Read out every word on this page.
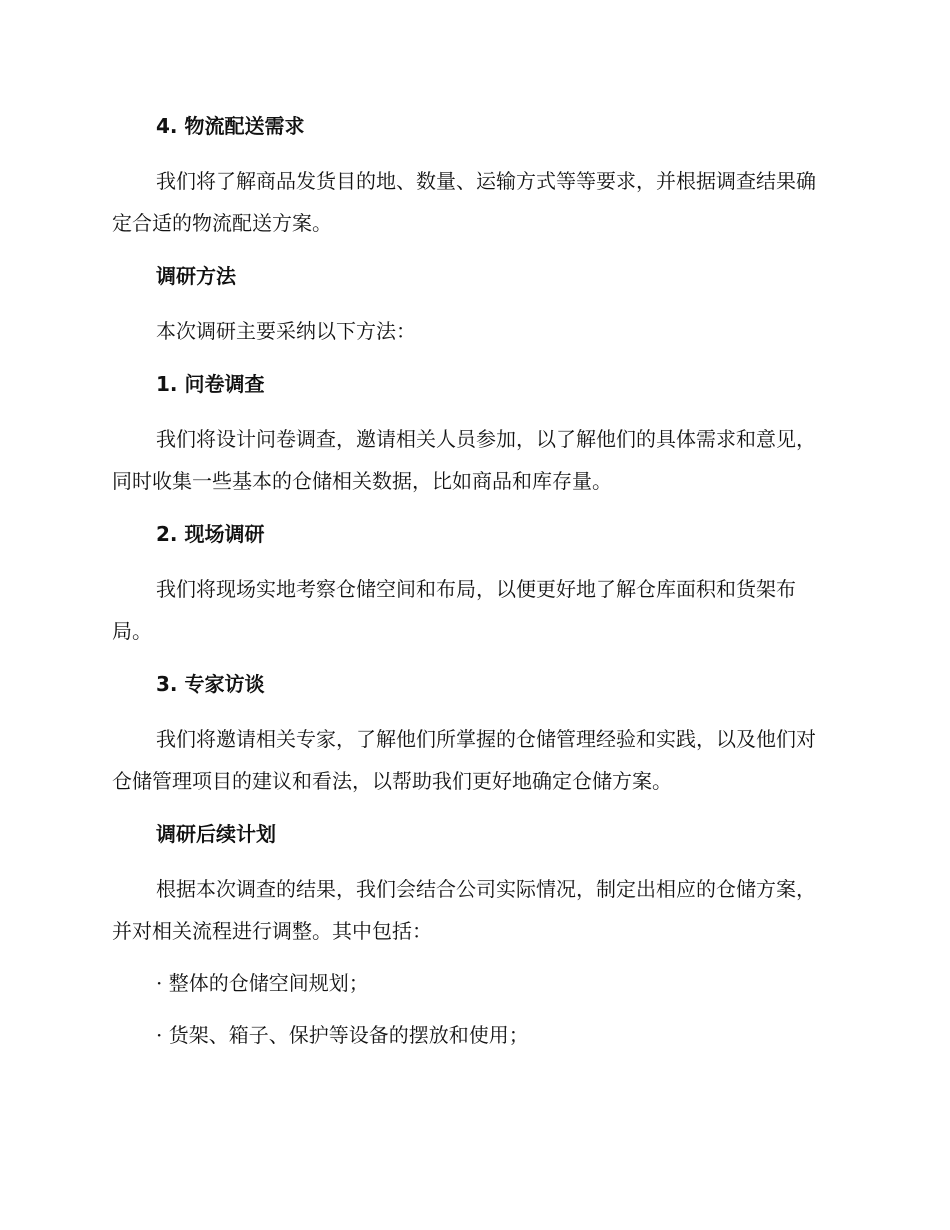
4. 物流配送需求

我们将了解商品发货目的地、数量、运输方式等等要求，并根据调查结果确定合适的物流配送方案。

调研方法

本次调研主要采纳以下方法：

1. 问卷调查

我们将设计问卷调查，邀请相关人员参加，以了解他们的具体需求和意见，同时收集一些基本的仓储相关数据，比如商品和库存量。

2. 现场调研

我们将现场实地考察仓储空间和布局，以便更好地了解仓库面积和货架布局。

3. 专家访谈

我们将邀请相关专家，了解他们所掌握的仓储管理经验和实践，以及他们对仓储管理项目的建议和看法，以帮助我们更好地确定仓储方案。

调研后续计划

根据本次调查的结果，我们会结合公司实际情况，制定出相应的仓储方案，并对相关流程进行调整。其中包括：

· 整体的仓储空间规划；

· 货架、箱子、保护等设备的摆放和使用；
